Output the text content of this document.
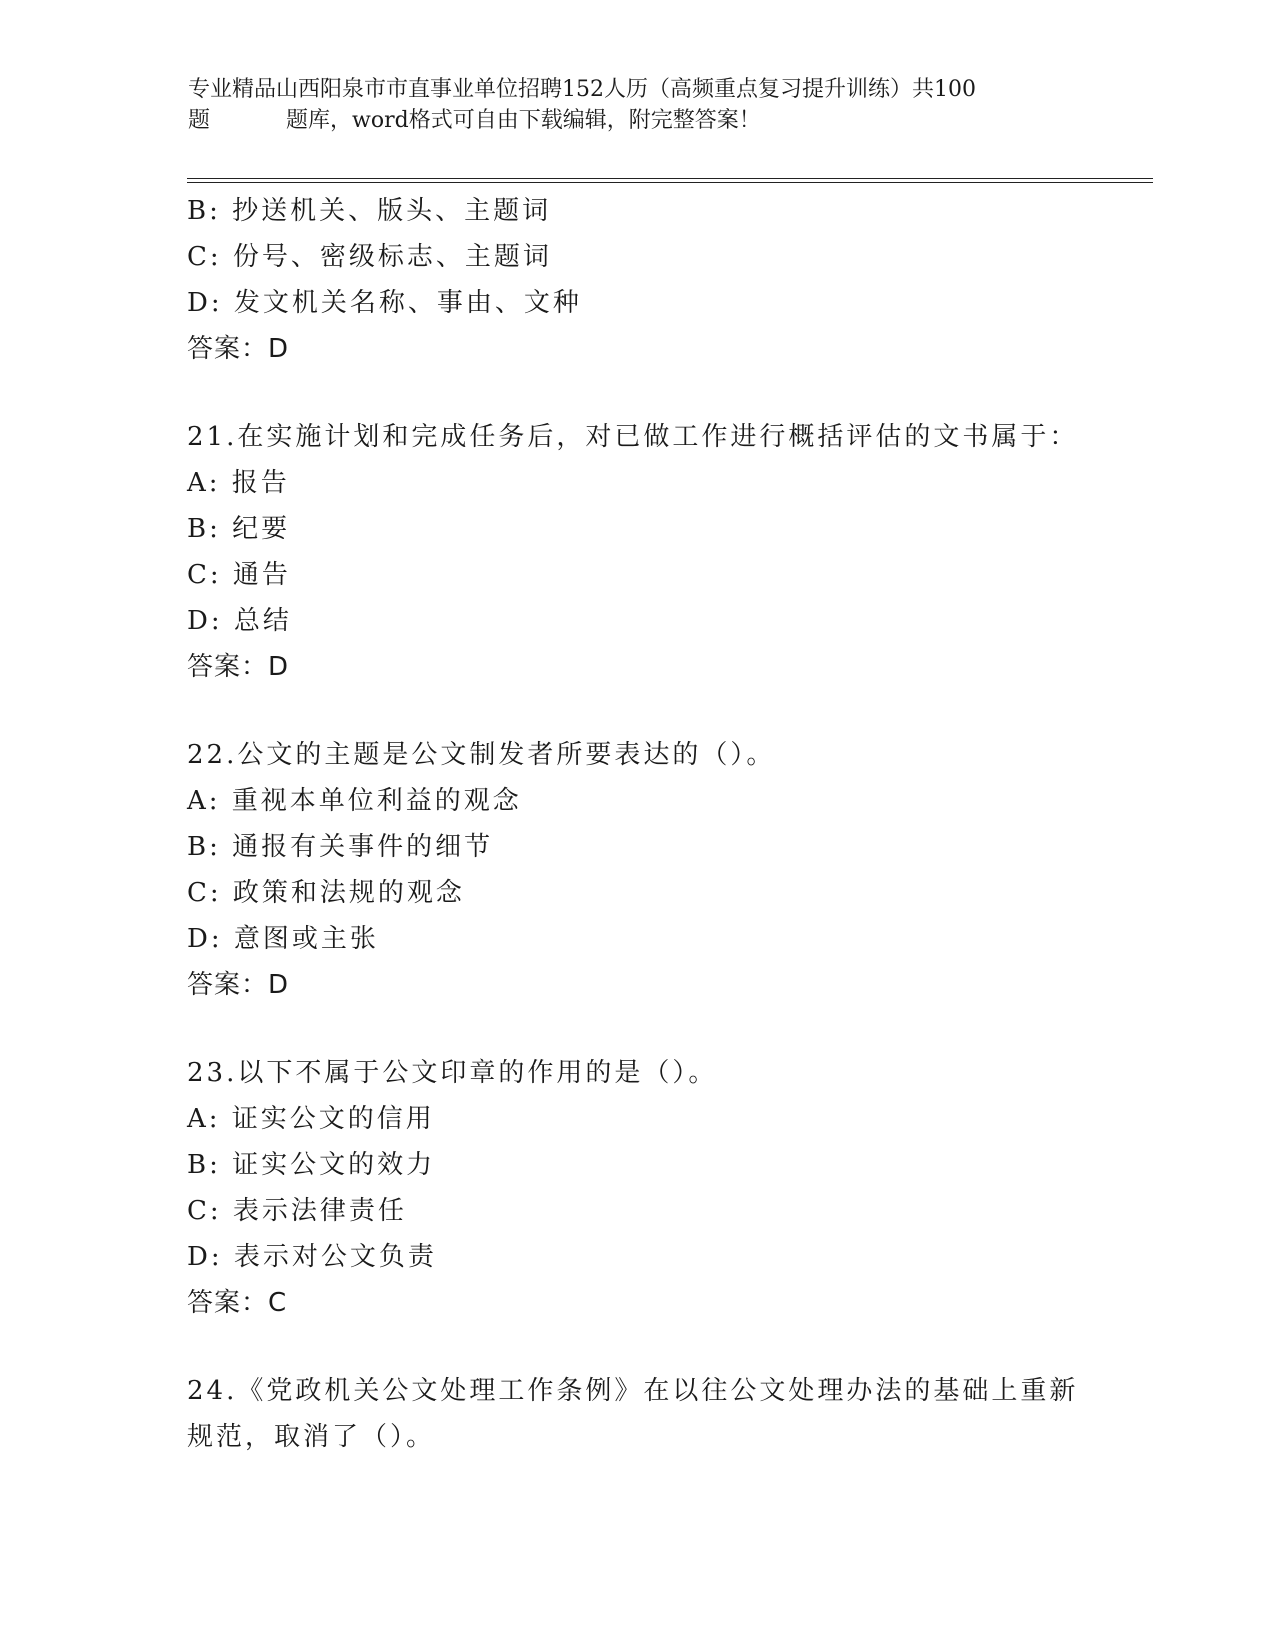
专业精品山西阳泉市市直事业单位招聘152人历（高频重点复习提升训练）共100
题	题库，word格式可自由下载编辑，附完整答案！
B: 抄送机关、版头、主题词
C: 份号、密级标志、主题词
D: 发文机关名称、事由、文种
答案：D
21.在实施计划和完成任务后，对已做工作进行概括评估的文书属于：
A: 报告
B: 纪要
C: 通告
D: 总结
答案：D
22.公文的主题是公文制发者所要表达的（）。
A: 重视本单位利益的观念
B: 通报有关事件的细节
C: 政策和法规的观念
D: 意图或主张
答案：D
23.以下不属于公文印章的作用的是（）。
A: 证实公文的信用
B: 证实公文的效力
C: 表示法律责任
D: 表示对公文负责
答案：C
24.《党政机关公文处理工作条例》在以往公文处理办法的基础上重新
规范，取消了（）。
